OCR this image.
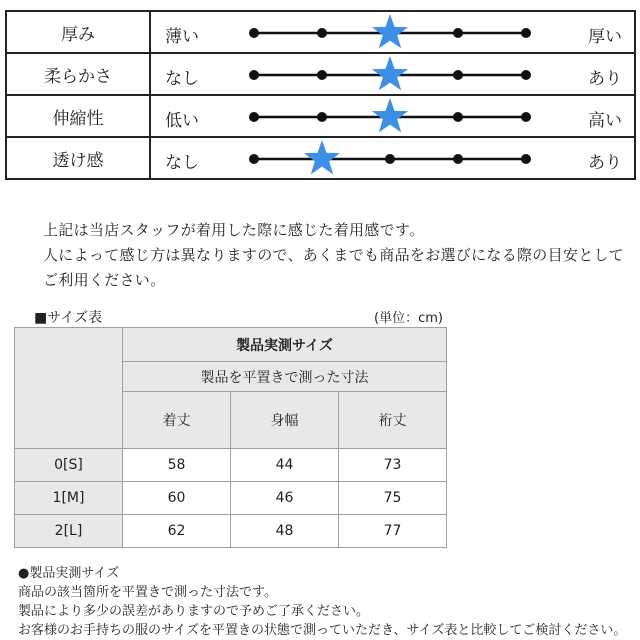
厚み	薄い 厚い

柔らかさ	なし あり

伸縮性	低い 高い

透け感	なし あり
上記は当店スタッフが着用した際に感じた着用感です。
人によって感じ方は異なりますので、あくまでも商品をお選びになる際の目安として
ご利用ください。
■サイズ表	(単位：cm)
	製品実測サイズ		
	製品を平置きで測った寸法		
	着丈	身幅	裄丈
0[S]	58	44	73
1[M]	60	46	75
2[L]	62	48	77
●製品実測サイズ
商品の該当箇所を平置きで測った寸法です。
製品により多少の誤差がありますので予めご了承ください。
お客様のお手持ちの服のサイズを平置きの状態で測っていただき、サイズ表と比較してご検討ください。
